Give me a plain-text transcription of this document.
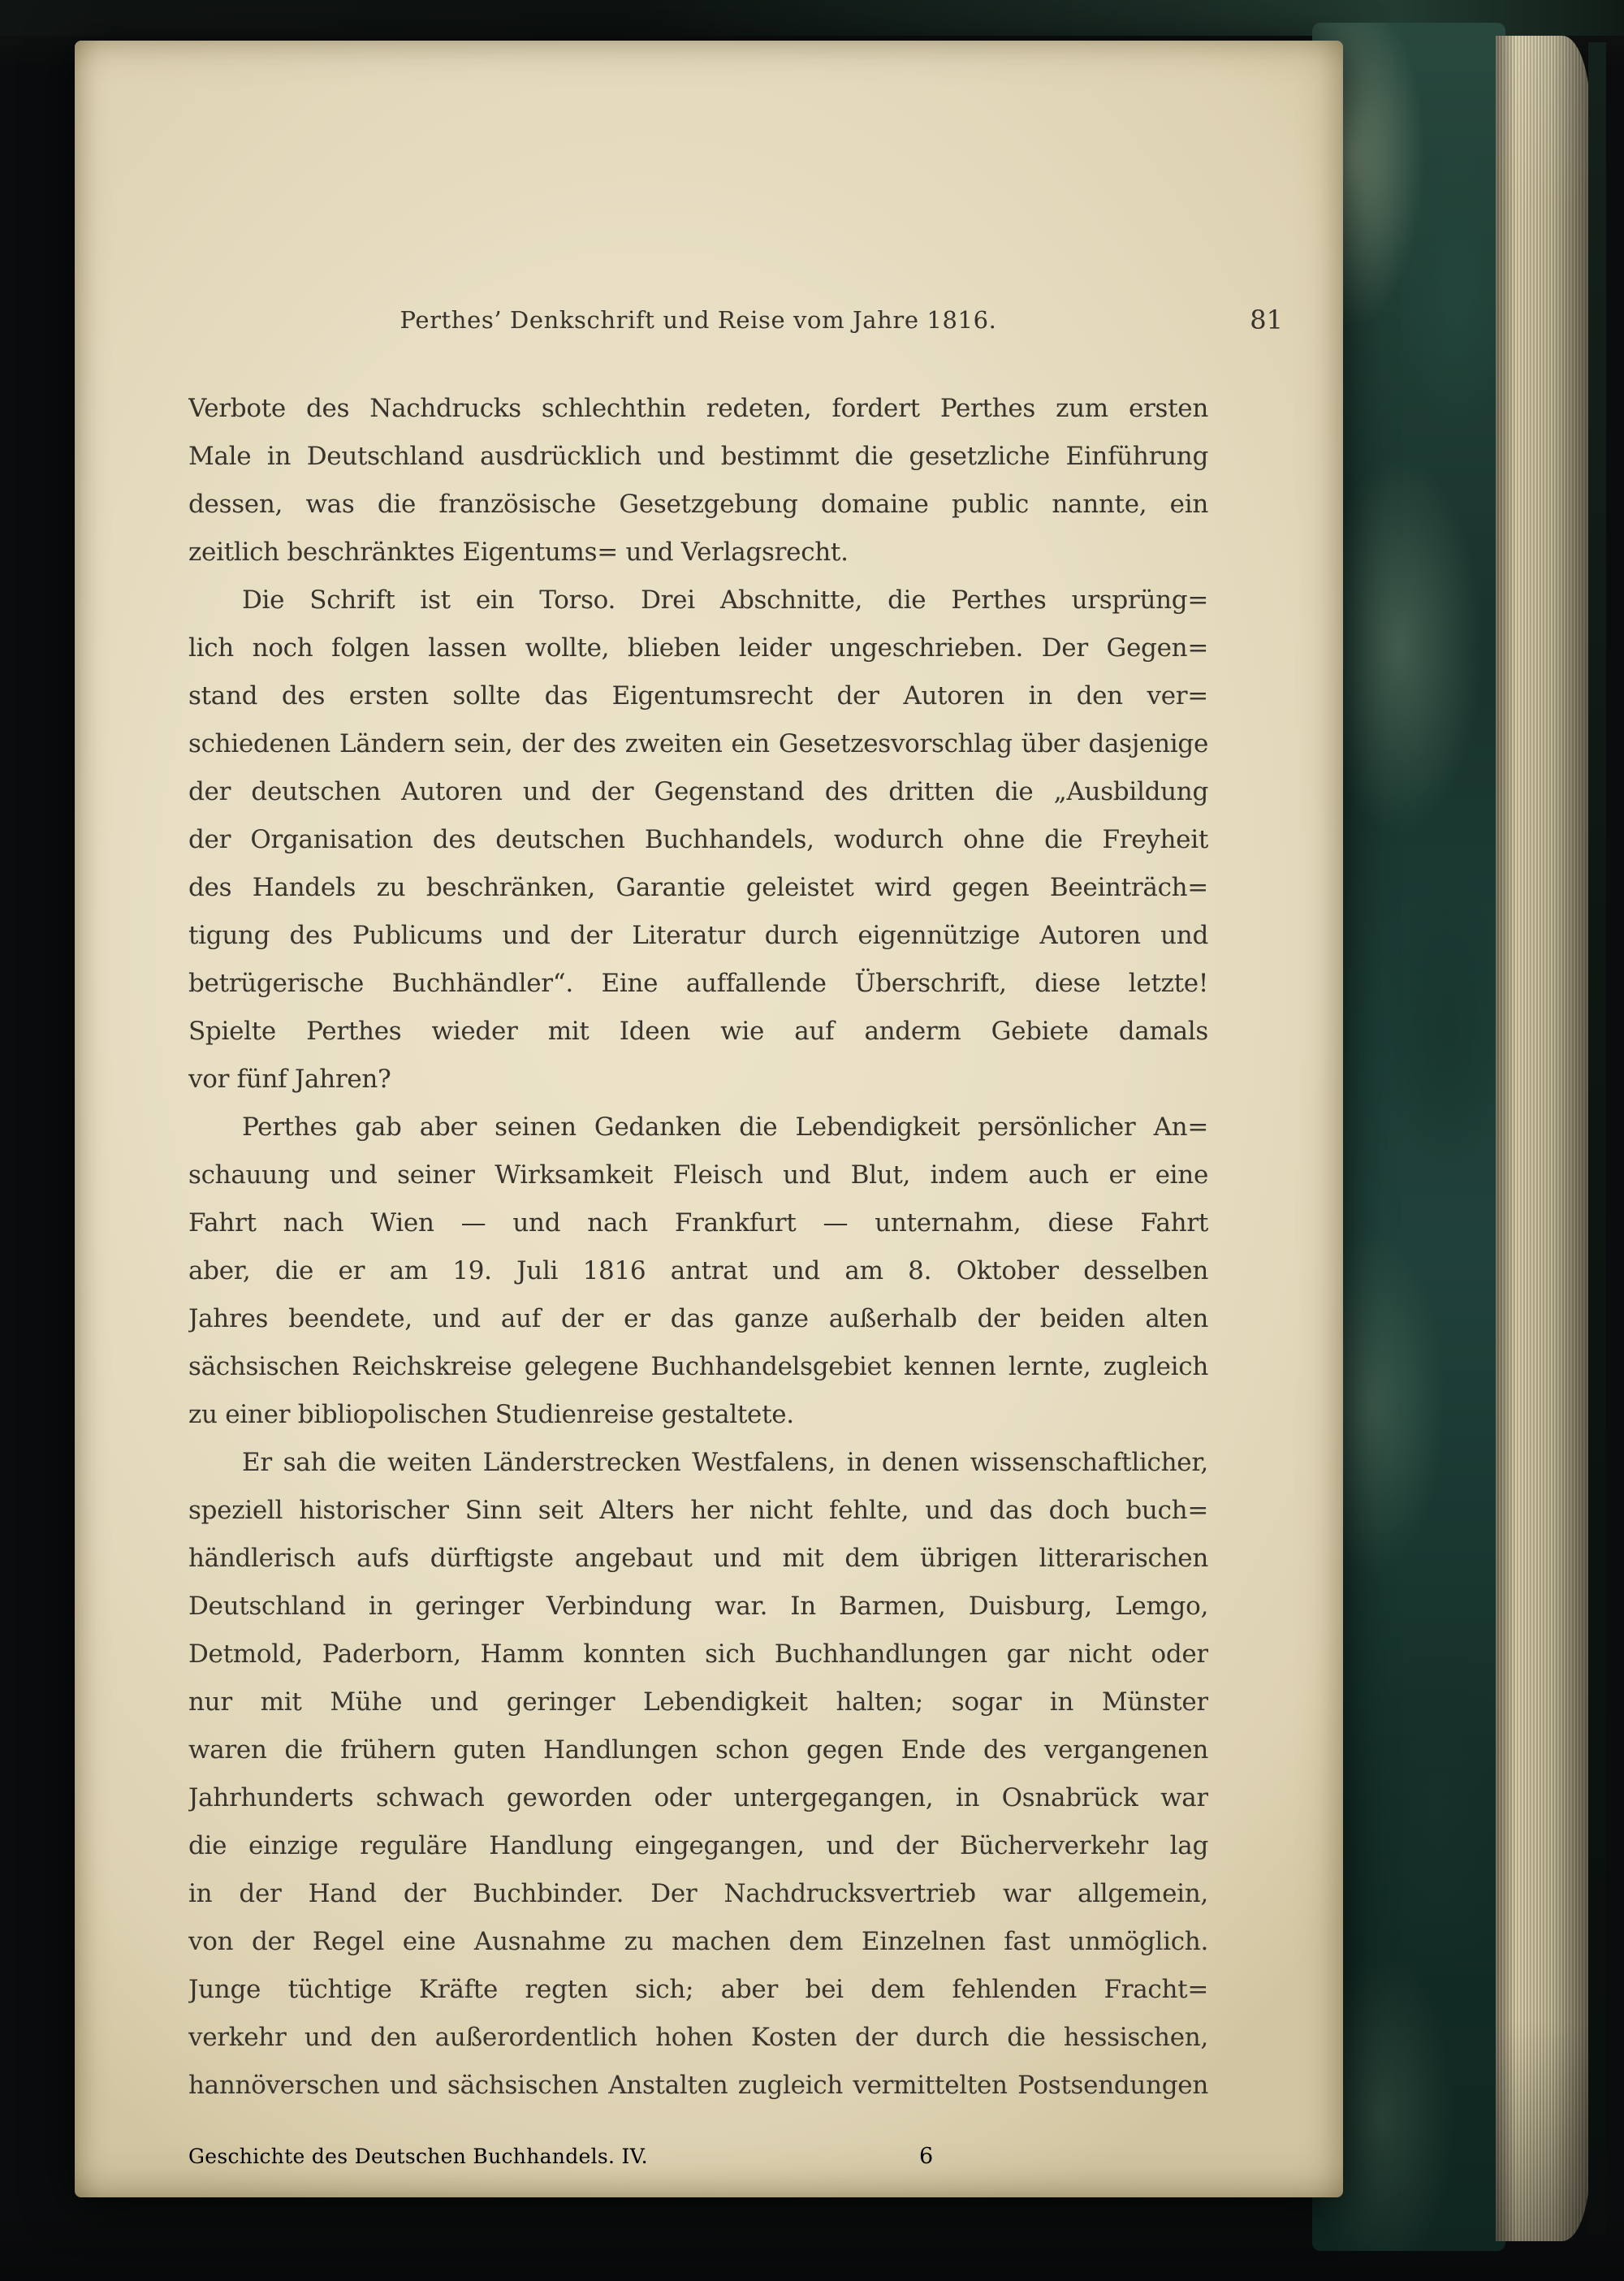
Perthes’ Denkschrift und Reise vom Jahre 1816.	81
Verbote des Nachdrucks schlechthin redeten, fordert Perthes zum ersten
Male in Deutschland ausdrücklich und bestimmt die gesetzliche Einführung
dessen, was die französische Gesetzgebung domaine public nannte, ein
zeitlich beschränktes Eigentums= und Verlagsrecht.
Die Schrift ist ein Torso. Drei Abschnitte, die Perthes ursprüng=
lich noch folgen lassen wollte, blieben leider ungeschrieben. Der Gegen=
stand des ersten sollte das Eigentumsrecht der Autoren in den ver=
schiedenen Ländern sein, der des zweiten ein Gesetzesvorschlag über dasjenige
der deutschen Autoren und der Gegenstand des dritten die „Ausbildung
der Organisation des deutschen Buchhandels, wodurch ohne die Freyheit
des Handels zu beschränken, Garantie geleistet wird gegen Beeinträch=
tigung des Publicums und der Literatur durch eigennützige Autoren und
betrügerische Buchhändler“. Eine auffallende Überschrift, diese letzte!
Spielte Perthes wieder mit Ideen wie auf anderm Gebiete damals
vor fünf Jahren?
Perthes gab aber seinen Gedanken die Lebendigkeit persönlicher An=
schauung und seiner Wirksamkeit Fleisch und Blut, indem auch er eine
Fahrt nach Wien — und nach Frankfurt — unternahm, diese Fahrt
aber, die er am 19. Juli 1816 antrat und am 8. Oktober desselben
Jahres beendete, und auf der er das ganze außerhalb der beiden alten
sächsischen Reichskreise gelegene Buchhandelsgebiet kennen lernte, zugleich
zu einer bibliopolischen Studienreise gestaltete.
Er sah die weiten Länderstrecken Westfalens, in denen wissenschaftlicher,
speziell historischer Sinn seit Alters her nicht fehlte, und das doch buch=
händlerisch aufs dürftigste angebaut und mit dem übrigen litterarischen
Deutschland in geringer Verbindung war. In Barmen, Duisburg, Lemgo,
Detmold, Paderborn, Hamm konnten sich Buchhandlungen gar nicht oder
nur mit Mühe und geringer Lebendigkeit halten; sogar in Münster
waren die frühern guten Handlungen schon gegen Ende des vergangenen
Jahrhunderts schwach geworden oder untergegangen, in Osnabrück war
die einzige reguläre Handlung eingegangen, und der Bücherverkehr lag
in der Hand der Buchbinder. Der Nachdrucksvertrieb war allgemein,
von der Regel eine Ausnahme zu machen dem Einzelnen fast unmöglich.
Junge tüchtige Kräfte regten sich; aber bei dem fehlenden Fracht=
verkehr und den außerordentlich hohen Kosten der durch die hessischen,
hannöverschen und sächsischen Anstalten zugleich vermittelten Postsendungen
Geschichte des Deutschen Buchhandels. IV.	6
